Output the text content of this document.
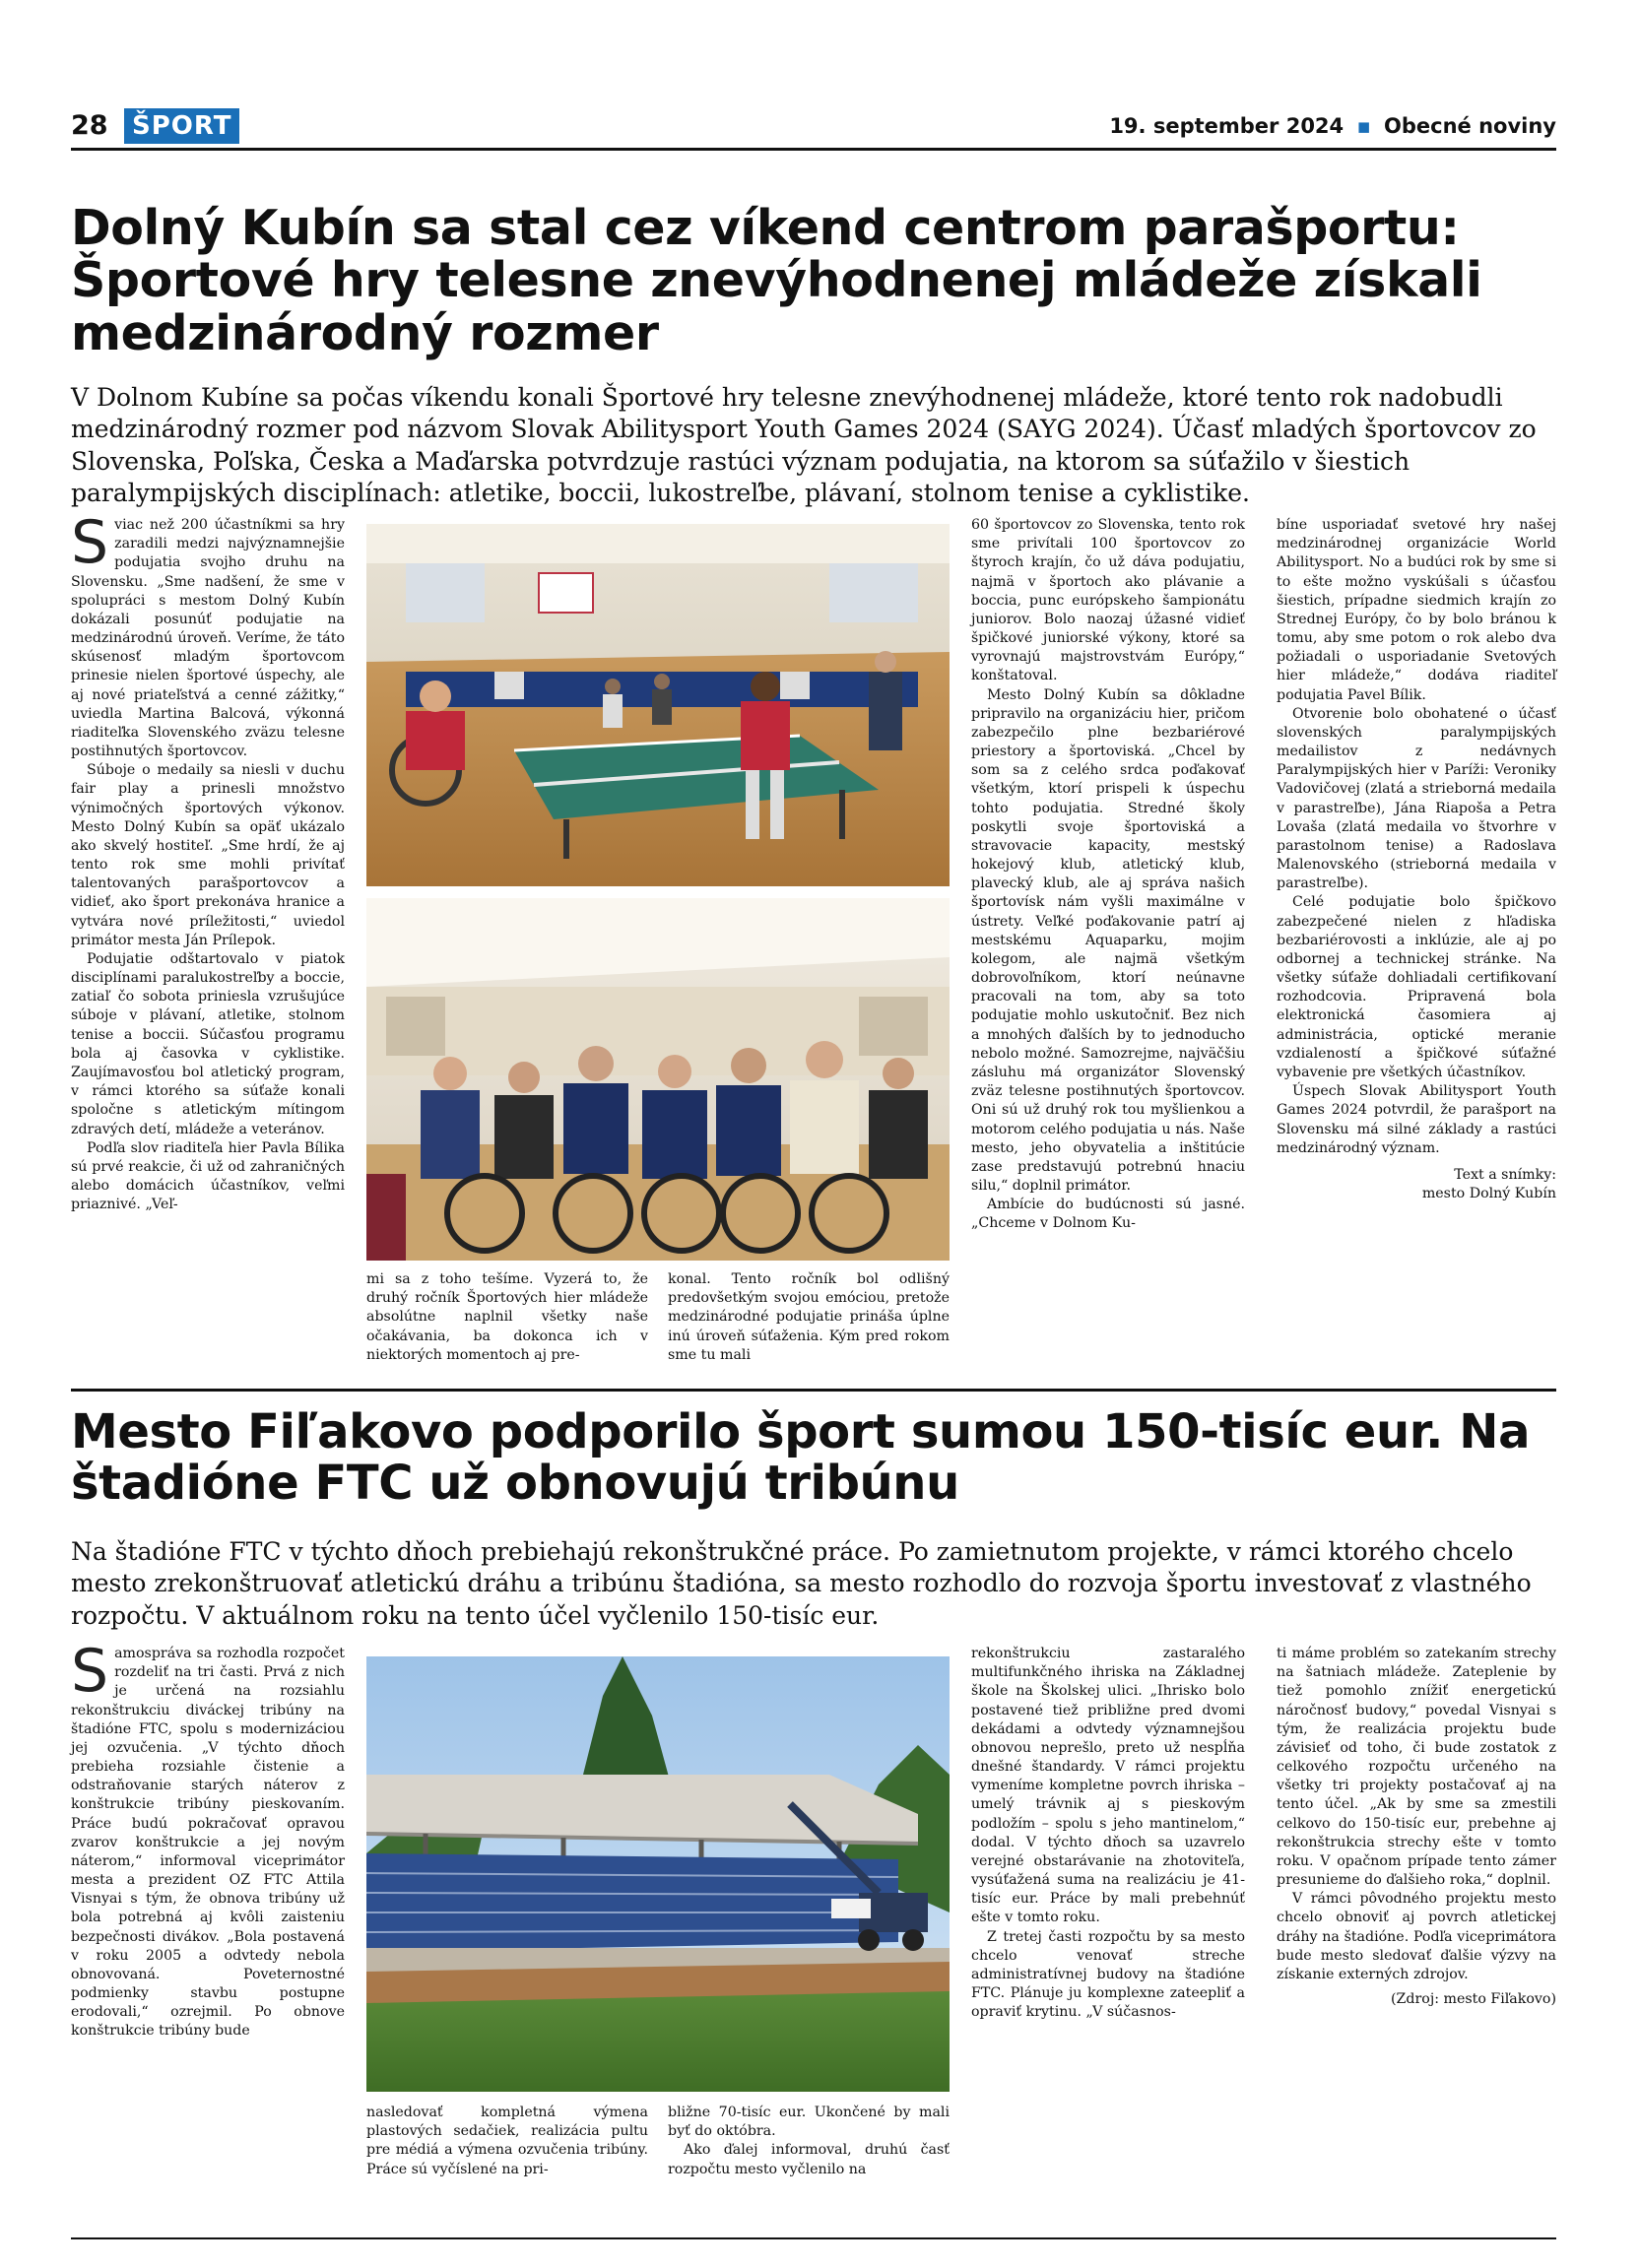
28 ŠPORT	19. september 2024 ▪ Obecné noviny
Dolný Kubín sa stal cez víkend centrom parašportu: Športové hry telesne znevýhodnenej mládeže získali medzinárodný rozmer

V Dolnom Kubíne sa počas víkendu konali Športové hry telesne znevýhodnenej mládeže, ktoré tento rok nadobudli medzinárodný rozmer pod názvom Slovak Abilitysport Youth Games 2024 (SAYG 2024). Účasť mladých športovcov zo Slovenska, Poľska, Česka a Maďarska potvrdzuje rastúci význam podujatia, na ktorom sa súťažilo v šiestich paralympijských disciplínach: atletike, boccii, lukostreľbe, plávaní, stolnom tenise a cyklistike.

Sviac než 200 účastníkmi sa hry zaradili medzi najvýznamnejšie podujatia svojho druhu na Slovensku. „Sme nadšení, že sme v spolupráci s mestom Dolný Kubín dokázali posunúť podujatie na medzinárodnú úroveň. Veríme, že táto skúsenosť mladým športovcom prinesie nielen športové úspechy, ale aj nové priateľstvá a cenné zážitky,“ uviedla Martina Balcová, výkonná riaditeľka Slovenského zväzu telesne postihnutých športovcov.

Súboje o medaily sa niesli v duchu fair play a prinesli množstvo výnimočných športových výkonov. Mesto Dolný Kubín sa opäť ukázalo ako skvelý hostiteľ. „Sme hrdí, že aj tento rok sme mohli privítať talentovaných parašportovcov a vidieť, ako šport prekonáva hranice a vytvára nové príležitosti,“ uviedol primátor mesta Ján Prílepok.

Podujatie odštartovalo v piatok disciplínami paralukostreľby a boccie, zatiaľ čo sobota priniesla vzrušujúce súboje v plávaní, atletike, stolnom tenise a boccii. Súčasťou programu bola aj časovka v cyklistike. Zaujímavosťou bol atletický program, v rámci ktorého sa súťaže konali spoločne s atletickým mítingom zdravých detí, mládeže a veteránov.

Podľa slov riaditeľa hier Pavla Bílika sú prvé reakcie, či už od zahraničných alebo domácich účastníkov, veľmi priaznivé. „Veľ-

mi sa z toho tešíme. Vyzerá to, že druhý ročník Športových hier mládeže absolútne naplnil všetky naše očakávania, ba dokonca ich v niektorých momentoch aj pre-

konal. Tento ročník bol odlišný predovšetkým svojou emóciou, pretože medzinárodné podujatie prináša úplne inú úroveň súťaženia. Kým pred rokom sme tu mali

60 športovcov zo Slovenska, tento rok sme privítali 100 športovcov zo štyroch krajín, čo už dáva podujatiu, najmä v športoch ako plávanie a boccia, punc európskeho šampionátu juniorov. Bolo naozaj úžasné vidieť špičkové juniorské výkony, ktoré sa vyrovnajú majstrovstvám Európy,“ konštatoval.

Mesto Dolný Kubín sa dôkladne pripravilo na organizáciu hier, pričom zabezpečilo plne bezbariérové priestory a športoviská. „Chcel by som sa z celého srdca poďakovať všetkým, ktorí prispeli k úspechu tohto podujatia. Stredné školy poskytli svoje športoviská a stravovacie kapacity, mestský hokejový klub, atletický klub, plavecký klub, ale aj správa našich športovísk nám vyšli maximálne v ústrety. Veľké poďakovanie patrí aj mestskému Aquaparku, mojim kolegom, ale najmä všetkým dobrovoľníkom, ktorí neúnavne pracovali na tom, aby sa toto podujatie mohlo uskutočniť. Bez nich a mnohých ďalších by to jednoducho nebolo možné. Samozrejme, najväčšiu zásluhu má organizátor Slovenský zväz telesne postihnutých športovcov. Oni sú už druhý rok tou myšlienkou a motorom celého podujatia u nás. Naše mesto, jeho obyvatelia a inštitúcie zase predstavujú potrebnú hnaciu silu,“ doplnil primátor.

Ambície do budúcnosti sú jasné. „Chceme v Dolnom Ku-

bíne usporiadať svetové hry našej medzinárodnej organizácie World Abilitysport. No a budúci rok by sme si to ešte možno vyskúšali s účasťou šiestich, prípadne siedmich krajín zo Strednej Európy, čo by bolo bránou k tomu, aby sme potom o rok alebo dva požiadali o usporiadanie Svetových hier mládeže,“ dodáva riaditeľ podujatia Pavel Bílik.

Otvorenie bolo obohatené o účasť slovenských paralympijských medailistov z nedávnych Paralympijských hier v Paríži: Veroniky Vadovičovej (zlatá a strieborná medaila v parastreľbe), Jána Riapoša a Petra Lovaša (zlatá medaila vo štvorhre v parastolnom tenise) a Radoslava Malenovského (strieborná medaila v parastreľbe).

Celé podujatie bolo špičkovo zabezpečené nielen z hľadiska bezbariérovosti a inklúzie, ale aj po odbornej a technickej stránke. Na všetky súťaže dohliadali certifikovaní rozhodcovia. Pripravená bola elektronická časomiera aj administrácia, optické meranie vzdialeností a špičkové súťažné vybavenie pre všetkých účastníkov.

Úspech Slovak Abilitysport Youth Games 2024 potvrdil, že parašport na Slovensku má silné základy a rastúci medzinárodný význam.

Text a snímky:

mesto Dolný Kubín

Mesto Fiľakovo podporilo šport sumou 150-tisíc eur. Na štadióne FTC už obnovujú tribúnu

Na štadióne FTC v týchto dňoch prebiehajú rekonštrukčné práce. Po zamietnutom projekte, v rámci ktorého chcelo mesto zrekonštruovať atletickú dráhu a tribúnu štadióna, sa mesto rozhodlo do rozvoja športu investovať z vlastného rozpočtu. V aktuálnom roku na tento účel vyčlenilo 150-tisíc eur.

Samospráva sa rozhodla rozpočet rozdeliť na tri časti. Prvá z nich je určená na rozsiahlu rekonštrukciu diváckej tribúny na štadióne FTC, spolu s modernizáciou jej ozvučenia. „V týchto dňoch prebieha rozsiahle čistenie a odstraňovanie starých náterov z konštrukcie tribúny pieskovaním. Práce budú pokračovať opravou zvarov konštrukcie a jej novým náterom,“ informoval viceprimátor mesta a prezident OZ FTC Attila Visnyai s tým, že obnova tribúny už bola potrebná aj kvôli zaisteniu bezpečnosti divákov. „Bola postavená v roku 2005 a odvtedy nebola obnovovaná. Poveternostné podmienky stavbu postupne erodovali,“ ozrejmil. Po obnove konštrukcie tribúny bude

nasledovať kompletná výmena plastových sedačiek, realizácia pultu pre médiá a výmena ozvučenia tribúny. Práce sú vyčíslené na pri-

bližne 70-tisíc eur. Ukončené by mali byť do októbra.

Ako ďalej informoval, druhú časť rozpočtu mesto vyčlenilo na

rekonštrukciu zastaralého multifunkčného ihriska na Základnej škole na Školskej ulici. „Ihrisko bolo postavené tiež približne pred dvomi dekádami a odvtedy významnejšou obnovou neprešlo, preto už nespĺňa dnešné štandardy. V rámci projektu vymeníme kompletne povrch ihriska – umelý trávnik aj s pieskovým podložím – spolu s jeho mantinelom,“ dodal. V týchto dňoch sa uzavrelo verejné obstarávanie na zhotoviteľa, vysúťažená suma na realizáciu je 41-tisíc eur. Práce by mali prebehnúť ešte v tomto roku.

Z tretej časti rozpočtu by sa mesto chcelo venovať streche administratívnej budovy na štadióne FTC. Plánuje ju komplexne zateepliť a opraviť krytinu. „V súčasnos-

ti máme problém so zatekaním strechy na šatniach mládeže. Zateplenie by tiež pomohlo znížiť energetickú náročnosť budovy,“ povedal Visnyai s tým, že realizácia projektu bude závisieť od toho, či bude zostatok z celkového rozpočtu určeného na všetky tri projekty postačovať aj na tento účel. „Ak by sme sa zmestili celkovo do 150-tisíc eur, prebehne aj rekonštrukcia strechy ešte v tomto roku. V opačnom prípade tento zámer presunieme do ďalšieho roka,“ doplnil.

V rámci pôvodného projektu mesto chcelo obnoviť aj povrch atletickej dráhy na štadióne. Podľa viceprimátora bude mesto sledovať ďalšie výzvy na získanie externých zdrojov.

(Zdroj: mesto Fiľakovo)
